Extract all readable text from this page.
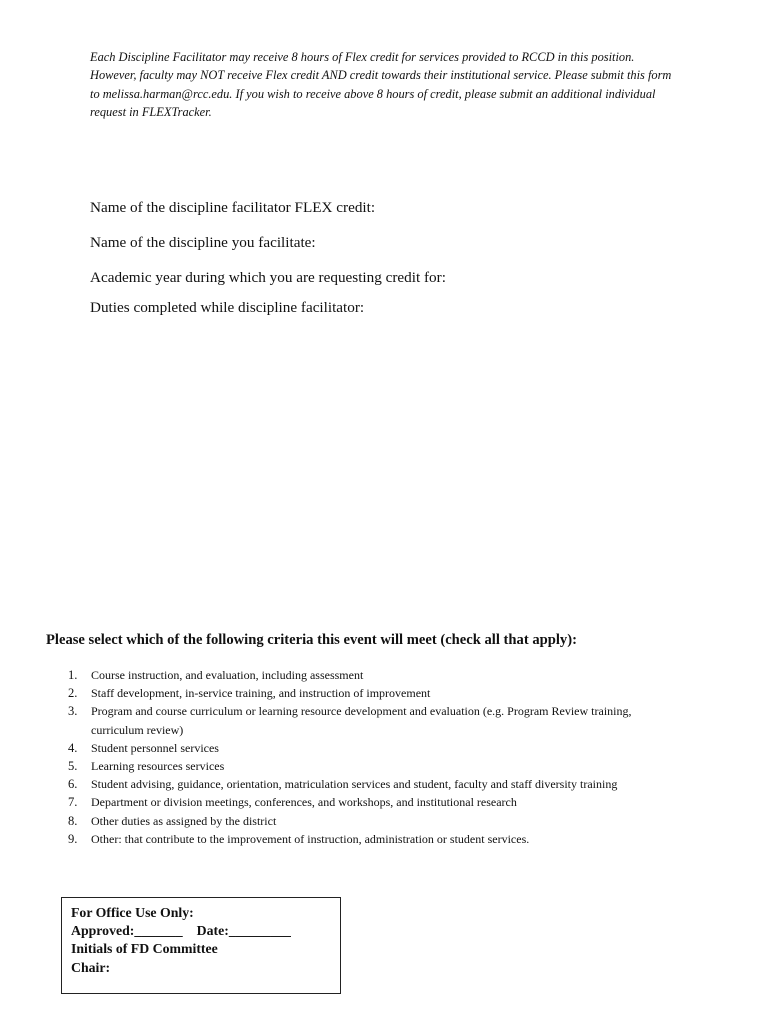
Each Discipline Facilitator may receive 8 hours of Flex credit for services provided to RCCD in this position.
However, faculty may NOT receive Flex credit AND credit towards their institutional service. Please submit this form
to melissa.harman@rcc.edu. If you wish to receive above 8 hours of credit, please submit an additional individual
request in FLEXTracker.
Name of the discipline facilitator FLEX credit:
Name of the discipline you facilitate:
Academic year during which you are requesting credit for:
Duties completed while discipline facilitator:
Please select which of the following criteria this event will meet (check all that apply):
1.	Course instruction, and evaluation, including assessment
2.	Staff development, in-service training, and instruction of improvement
3.	Program and course curriculum or learning resource development and evaluation (e.g. Program Review training,
curriculum review)
4.	Student personnel services
5.	Learning resources services
6.	Student advising, guidance, orientation, matriculation services and student, faculty and staff diversity training
7.	Department or division meetings, conferences, and workshops, and institutional research
8.	Other duties as assigned by the district
9.	Other: that contribute to the improvement of instruction, administration or student services.
For Office Use Only:
Approved:_______ Date:_________
Initials of FD Committee
Chair:
